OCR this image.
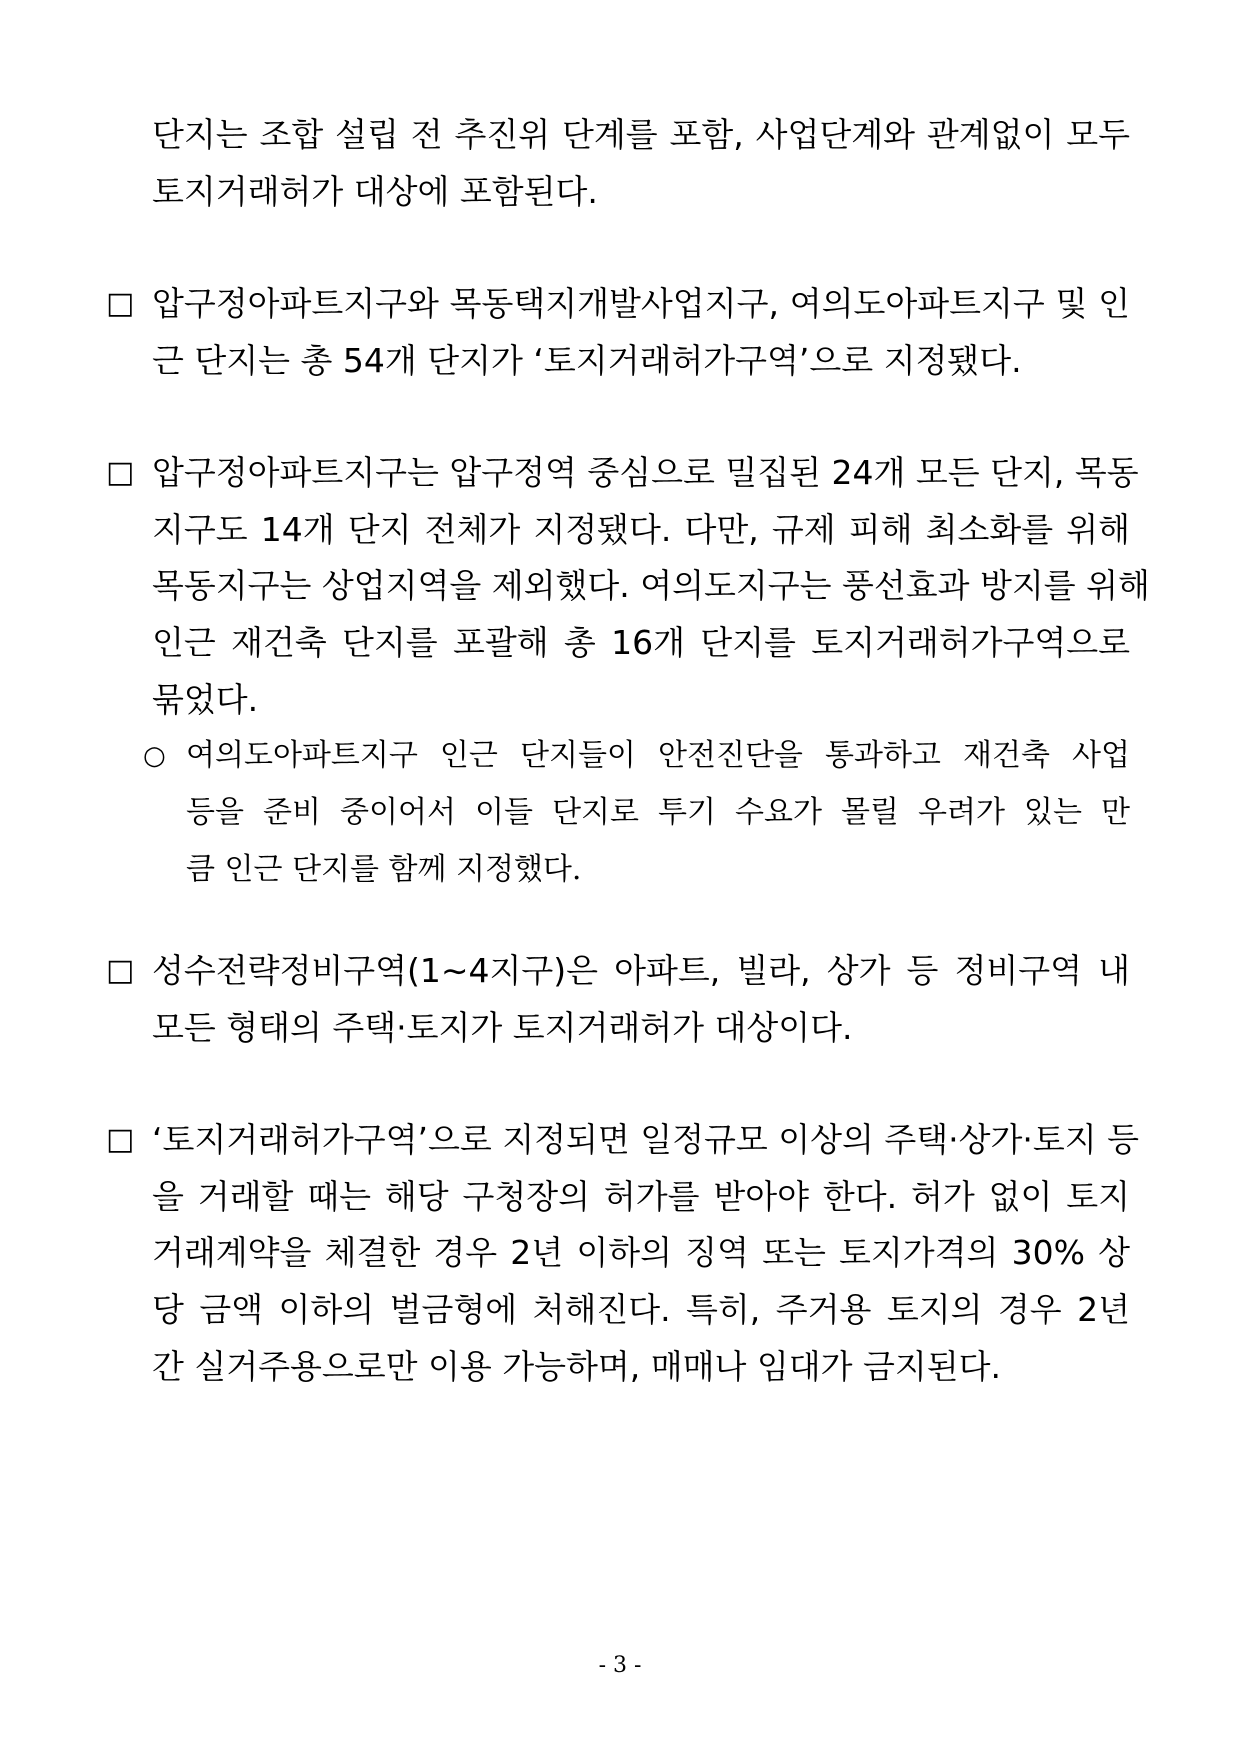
단지는 조합 설립 전 추진위 단계를 포함, 사업단계와 관계없이 모두

토지거래허가 대상에 포함된다.

□ 압구정아파트지구와 목동택지개발사업지구, 여의도아파트지구 및 인

근 단지는 총 54개 단지가 ‘토지거래허가구역’으로 지정됐다.

□ 압구정아파트지구는 압구정역 중심으로 밀집된 24개 모든 단지, 목동

지구도 14개 단지 전체가 지정됐다. 다만, 규제 피해 최소화를 위해

목동지구는 상업지역을 제외했다. 여의도지구는 풍선효과 방지를 위해

인근 재건축 단지를 포괄해 총 16개 단지를 토지거래허가구역으로

묶었다.

○ 여의도아파트지구 인근 단지들이 안전진단을 통과하고 재건축 사업

등을 준비 중이어서 이들 단지로 투기 수요가 몰릴 우려가 있는 만

큼 인근 단지를 함께 지정했다.

□ 성수전략정비구역(1∼4지구)은 아파트, 빌라, 상가 등 정비구역 내

모든 형태의 주택·토지가 토지거래허가 대상이다.

□ ‘토지거래허가구역’으로 지정되면 일정규모 이상의 주택·상가·토지 등

을 거래할 때는 해당 구청장의 허가를 받아야 한다. 허가 없이 토지

거래계약을 체결한 경우 2년 이하의 징역 또는 토지가격의 30% 상

당 금액 이하의 벌금형에 처해진다. 특히, 주거용 토지의 경우 2년

간 실거주용으로만 이용 가능하며, 매매나 임대가 금지된다.

- 3 -
